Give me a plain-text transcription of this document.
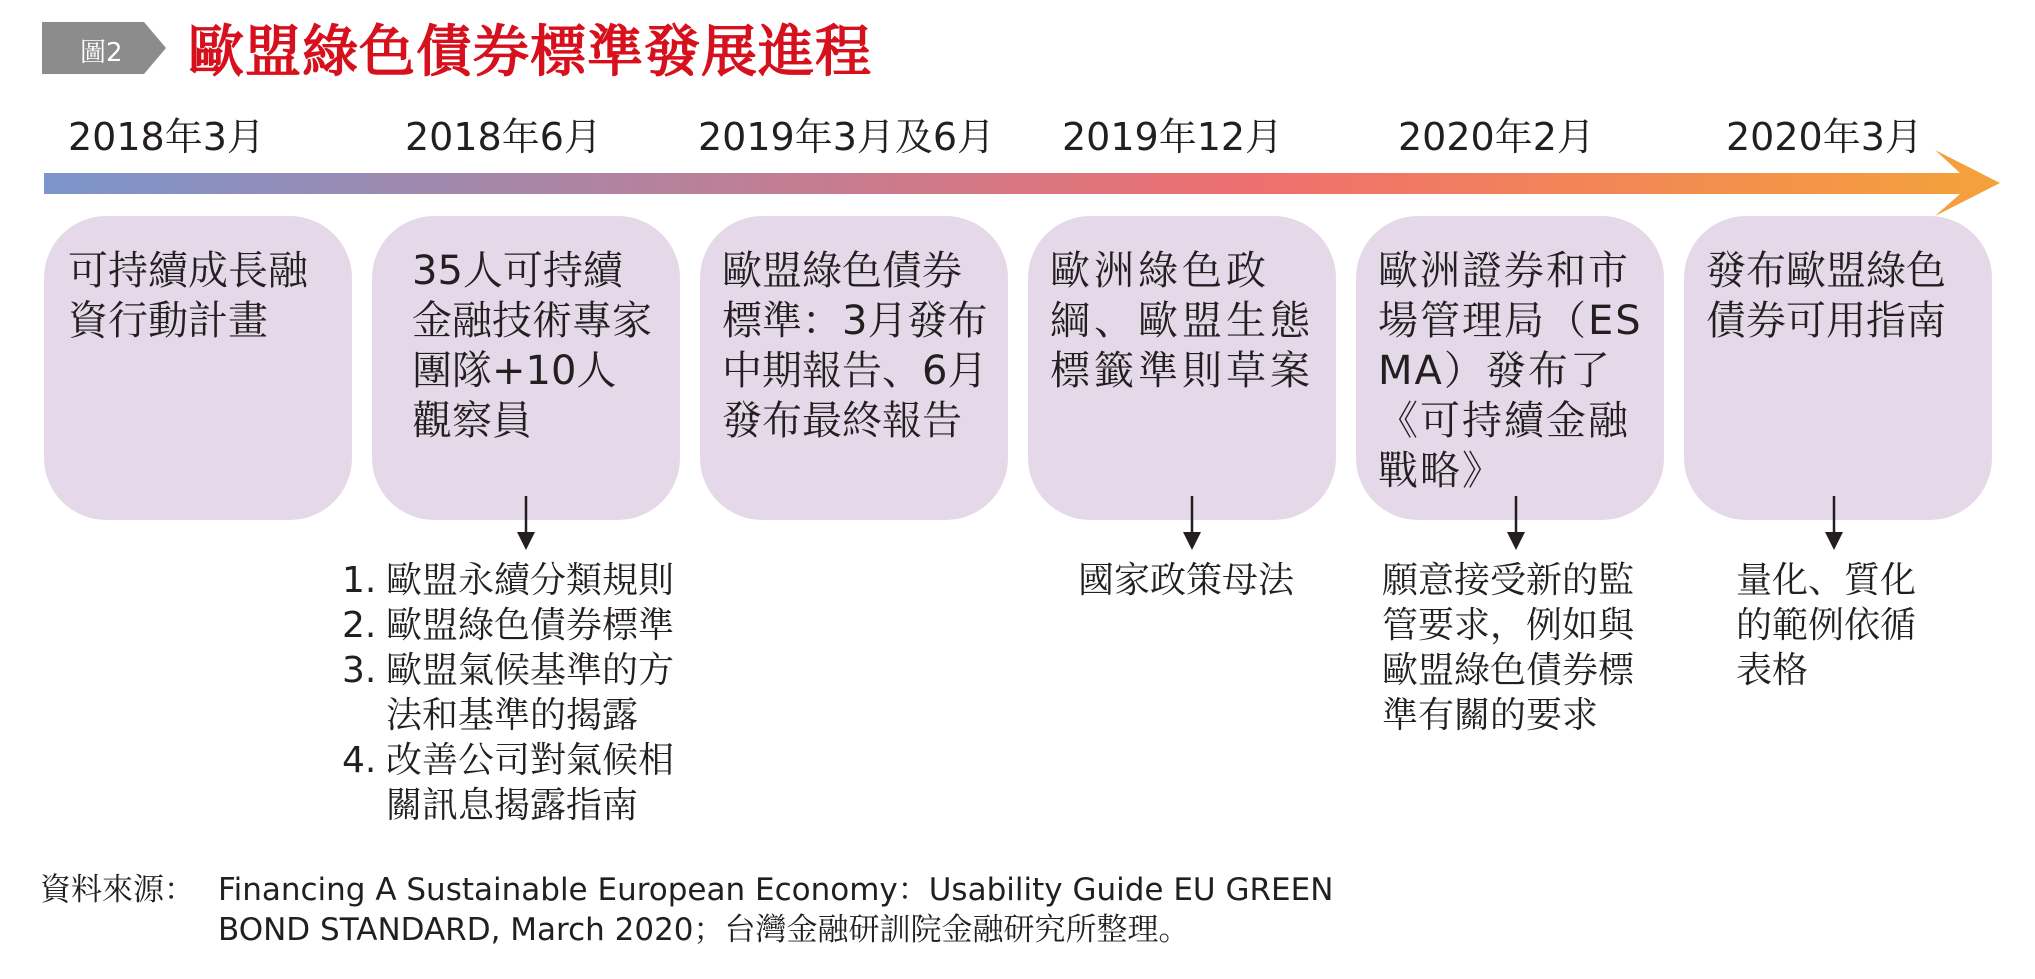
圖2 歐盟綠色債券標準發展進程
2018年3月	2018年6月	2019年3月及6月 2019年12月	2020年2月	2020年3月
可持續成長融資行動計畫
35人可持續金融技術專家團隊+10人觀察員
歐盟綠色債券標準：3月發布中期報告、6月發布最終報告
歐洲綠色政綱、歐盟生態標籤準則草案
歐洲證券和市場管理局（ESMA）發布了《可持續金融戰略》
發布歐盟綠色債券可用指南
1. 歐盟永續分類規則
2. 歐盟綠色債券標準
3. 歐盟氣候基準的方法和基準的揭露
4. 改善公司對氣候相關訊息揭露指南
國家政策母法	願意接受新的監管要求，例如與歐盟綠色債券標準有關的要求
量化、質化的範例依循表格
資料來源： Financing A Sustainable European Economy：Usability Guide EU GREEN
BOND STANDARD, March 2020；台灣金融研訓院金融研究所整理。
